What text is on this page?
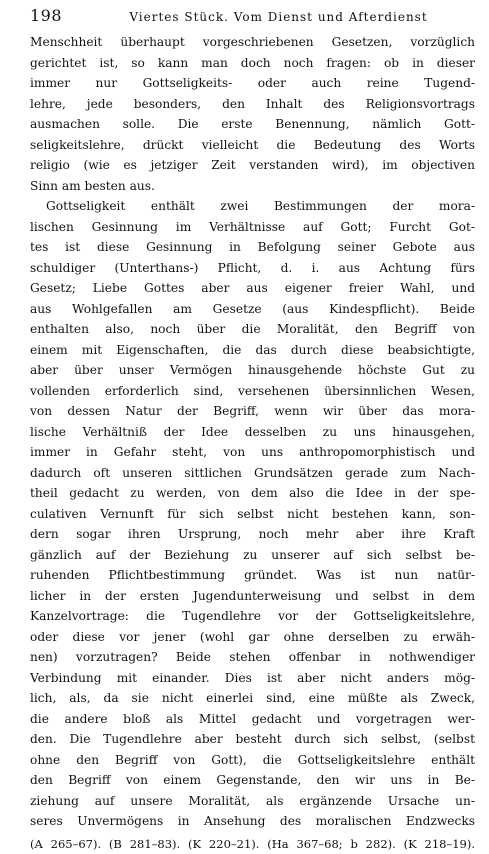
198	Viertes Stück. Vom Dienst und Afterdienst
Menschheit überhaupt vorgeschriebenen Gesetzen, vorzüglich
gerichtet ist, so kann man doch noch fragen: ob in dieser
immer nur Gottseligkeits- oder auch reine Tugend-
lehre, jede besonders, den Inhalt des Religionsvortrags
ausmachen solle. Die erste Benennung, nämlich Gott-
seligkeitslehre, drückt vielleicht die Bedeutung des Worts
religio (wie es jetziger Zeit verstanden wird), im objectiven
Sinn am besten aus.
Gottseligkeit enthält zwei Bestimmungen der mora-
lischen Gesinnung im Verhältnisse auf Gott; Furcht Got-
tes ist diese Gesinnung in Befolgung seiner Gebote aus
schuldiger (Unterthans-) Pflicht, d. i. aus Achtung fürs
Gesetz; Liebe Gottes aber aus eigener freier Wahl, und
aus Wohlgefallen am Gesetze (aus Kindespflicht). Beide
enthalten also, noch über die Moralität, den Begriff von
einem mit Eigenschaften, die das durch diese beabsichtigte,
aber über unser Vermögen hinausgehende höchste Gut zu
vollenden erforderlich sind, versehenen übersinnlichen Wesen,
von dessen Natur der Begriff, wenn wir über das mora-
lische Verhältniß der Idee desselben zu uns hinausgehen,
immer in Gefahr steht, von uns anthropomorphistisch und
dadurch oft unseren sittlichen Grundsätzen gerade zum Nach-
theil gedacht zu werden, von dem also die Idee in der spe-
culativen Vernunft für sich selbst nicht bestehen kann, son-
dern sogar ihren Ursprung, noch mehr aber ihre Kraft
gänzlich auf der Beziehung zu unserer auf sich selbst be-
ruhenden Pflichtbestimmung gründet. Was ist nun natür-
licher in der ersten Jugendunterweisung und selbst in dem
Kanzelvortrage: die Tugendlehre vor der Gottseligkeitslehre,
oder diese vor jener (wohl gar ohne derselben zu erwäh-
nen) vorzutragen? Beide stehen offenbar in nothwendiger
Verbindung mit einander. Dies ist aber nicht anders mög-
lich, als, da sie nicht einerlei sind, eine müßte als Zweck,
die andere bloß als Mittel gedacht und vorgetragen wer-
den. Die Tugendlehre aber besteht durch sich selbst, (selbst
ohne den Begriff von Gott), die Gottseligkeitslehre enthält
den Begriff von einem Gegenstande, den wir uns in Be-
ziehung auf unsere Moralität, als ergänzende Ursache un-
seres Unvermögens in Ansehung des moralischen Endzwecks
(A 265–67). (B 281–83). (K 220–21). (Ha 367–68; b 282). (K 218–19).
